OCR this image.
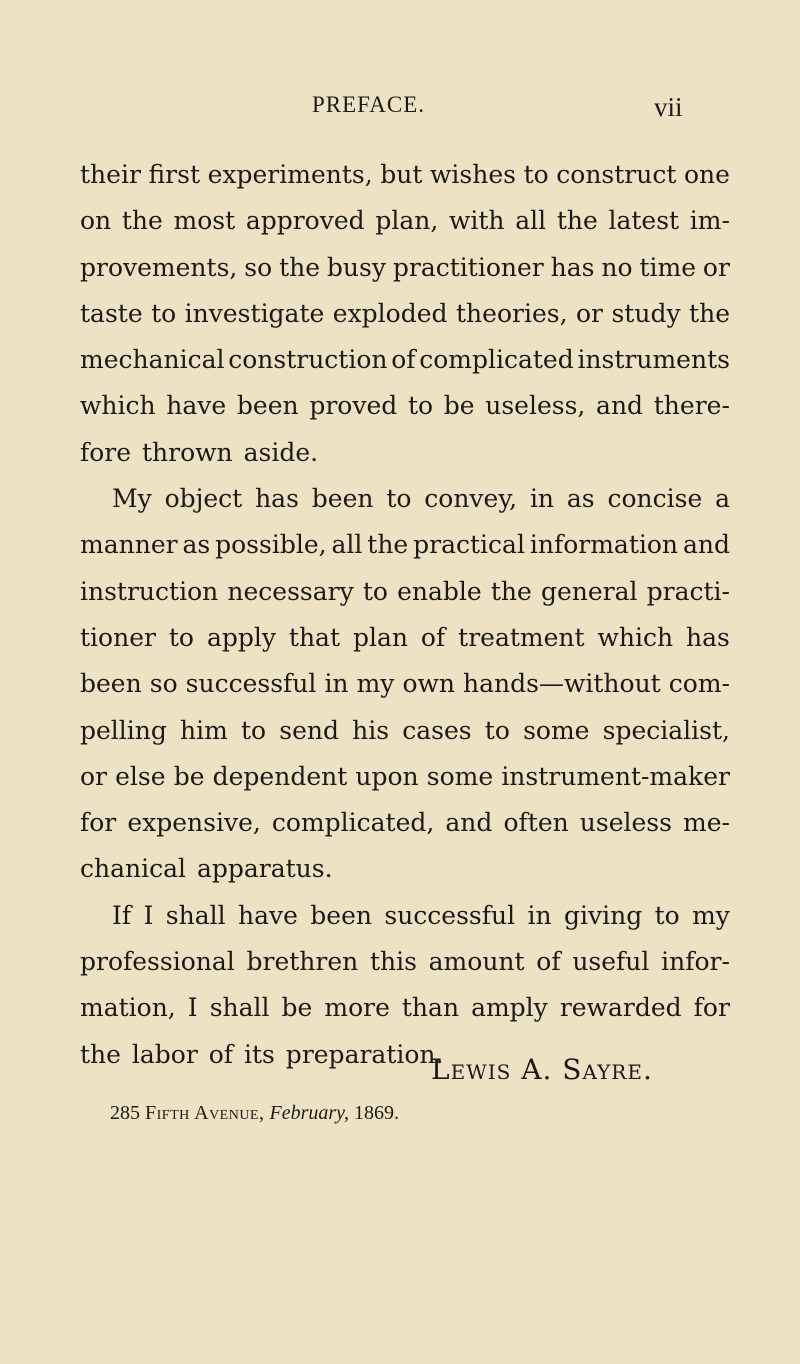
PREFACE.	vii
their first experiments, but wishes to construct one
on the most approved plan, with all the latest im-
provements, so the busy practitioner has no time or
taste to investigate exploded theories, or study the
mechanical construction of complicated instruments
which have been proved to be useless, and there-
fore thrown aside.
My object has been to convey, in as concise a
manner as possible, all the practical information and
instruction necessary to enable the general practi-
tioner to apply that plan of treatment which has
been so successful in my own hands—without com-
pelling him to send his cases to some specialist,
or else be dependent upon some instrument-maker
for expensive, complicated, and often useless me-
chanical apparatus.
If I shall have been successful in giving to my
professional brethren this amount of useful infor-
mation, I shall be more than amply rewarded for
the labor of its preparation.
Lewis A. Sayre.
285 Fifth Avenue, February, 1869.
